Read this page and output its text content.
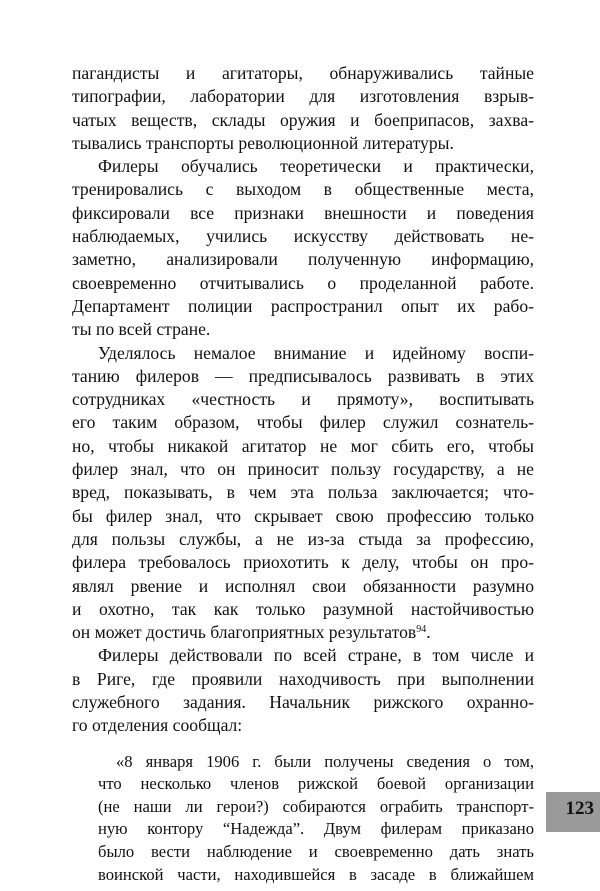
пагандисты и агитаторы, обнаруживались тайные
типографии, лаборатории для изготовления взрыв-
чатых веществ, склады оружия и боеприпасов, захва-
тывались транспорты революционной литературы.
Филеры обучались теоретически и практически,
тренировались с выходом в общественные места,
фиксировали все признаки внешности и поведения
наблюдаемых, учились искусству действовать не-
заметно, анализировали полученную информацию,
своевременно отчитывались о проделанной работе.
Департамент полиции распространил опыт их рабо-
ты по всей стране.
Уделялось немалое внимание и идейному воспи-
танию филеров — предписывалось развивать в этих
сотрудниках «честность и прямоту», воспитывать
его таким образом, чтобы филер служил сознатель-
но, чтобы никакой агитатор не мог сбить его, чтобы
филер знал, что он приносит пользу государству, а не
вред, показывать, в чем эта польза заключается; что-
бы филер знал, что скрывает свою профессию только
для пользы службы, а не из-за стыда за профессию,
филера требовалось приохотить к делу, чтобы он про-
являл рвение и исполнял свои обязанности разумно
и охотно, так как только разумной настойчивостью
он может достичь благоприятных результатов$^{94}$.
Филеры действовали по всей стране, в том числе и
в Риге, где проявили находчивость при выполнении
служебного задания. Начальник рижского охранно-
го отделения сообщал:
«8 января 1906 г. были получены сведения о том,
что несколько членов рижской боевой организации
(не наши ли герои?) собираются ограбить транспорт-
ную контору “Надежда”. Двум филерам приказано
было вести наблюдение и своевременно дать знать
воинской части, находившейся в засаде в ближайшем
123
